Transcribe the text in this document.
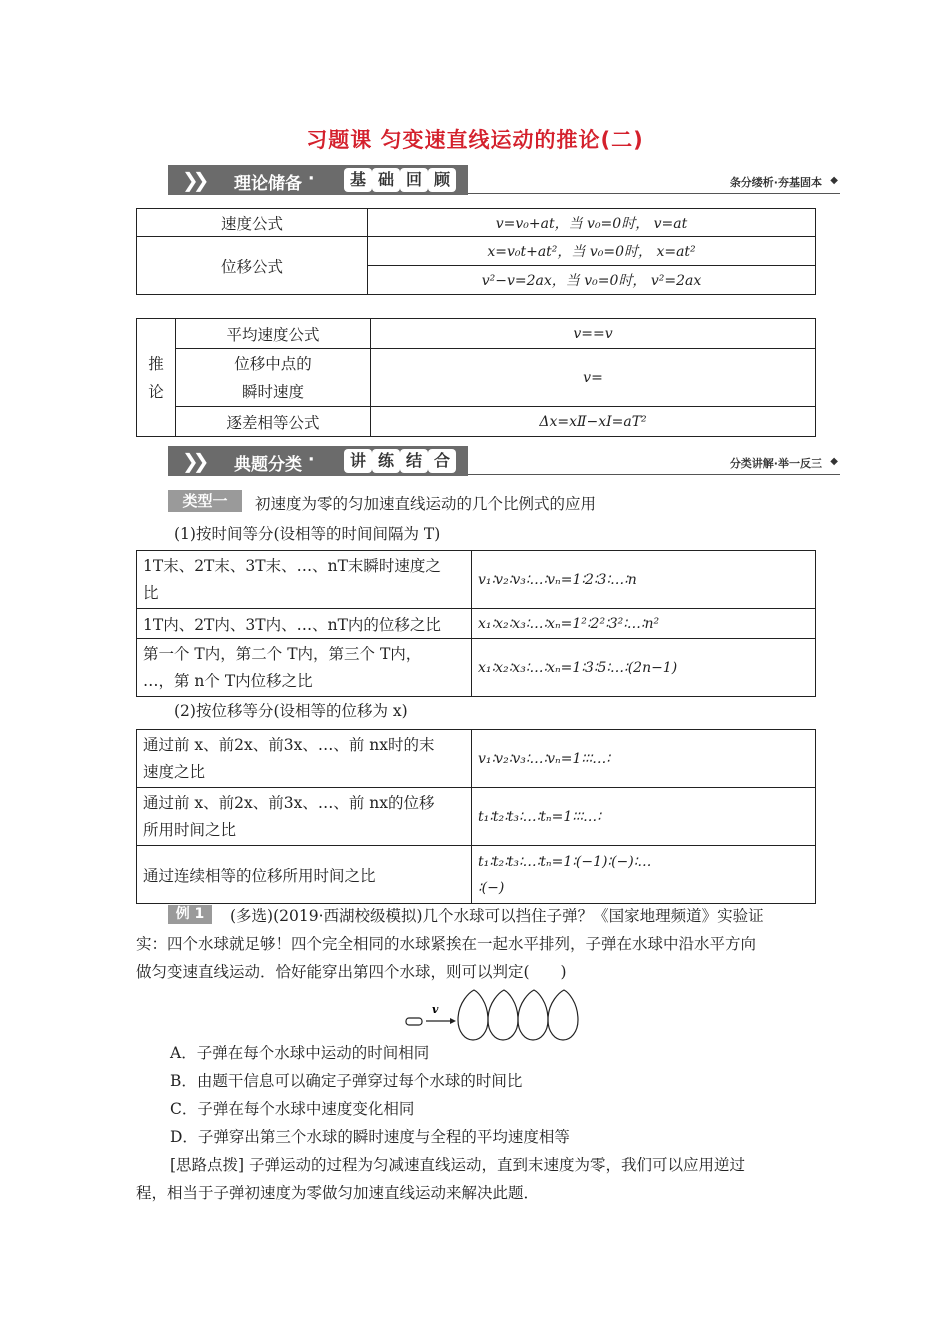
习题课 匀变速直线运动的推论(二)
❯❯ 理论储备 ·	基 础 回 顾	条分缕析·夯基固本 ◆
速度公式	v=v₀+at，当 v₀=0时， v=at
位移公式	x=v₀t+at²，当 v₀=0时， x=at²
	v²−v=2ax，当 v₀=0时， v²=2ax
推
论	平均速度公式	v==v
	位移中点的
瞬时速度	v=
	逐差相等公式	Δx=xⅡ−xⅠ=aT²
❯❯ 典题分类 ·	讲 练 结 合	分类讲解·举一反三 ◆
类型一	初速度为零的匀加速直线运动的几个比例式的应用
(1)按时间等分(设相等的时间间隔为 T)
1T末、2T末、3T末、…、nT末瞬时速度之
比	v₁∶v₂∶v₃∶…∶vₙ=1∶2∶3∶…∶n
1T内、2T内、3T内、…、nT内的位移之比	x₁∶x₂∶x₃∶…∶xₙ=1²∶2²∶3²∶…∶n²
第一个 T内，第二个 T内，第三个 T内，
…，第 n个 T内位移之比	x₁∶x₂∶x₃∶…∶xₙ=1∶3∶5∶…∶(2n−1)
(2)按位移等分(设相等的位移为 x)
通过前 x、前2x、前3x、…、前 nx时的末
速度之比	v₁∶v₂∶v₃∶…∶vₙ=1∶∶∶…∶
通过前 x、前2x、前3x、…、前 nx的位移
所用时间之比	t₁∶t₂∶t₃∶…∶tₙ=1∶∶∶…∶
通过连续相等的位移所用时间之比	t₁∶t₂∶t₃∶…∶tₙ=1∶(−1)∶(−)∶…
∶(−)
例 1	(多选)(2019·西湖校级模拟)几个水球可以挡住子弹？《国家地理频道》实验证
实：四个水球就足够！四个完全相同的水球紧挨在一起水平排列，子弹在水球中沿水平方向
做匀变速直线运动．恰好能穿出第四个水球，则可以判定(　　)
v
A．子弹在每个水球中运动的时间相同
B．由题干信息可以确定子弹穿过每个水球的时间比
C．子弹在每个水球中速度变化相同
D．子弹穿出第三个水球的瞬时速度与全程的平均速度相等
[思路点拨] 子弹运动的过程为匀减速直线运动，直到末速度为零，我们可以应用逆过
程，相当于子弹初速度为零做匀加速直线运动来解决此题．
